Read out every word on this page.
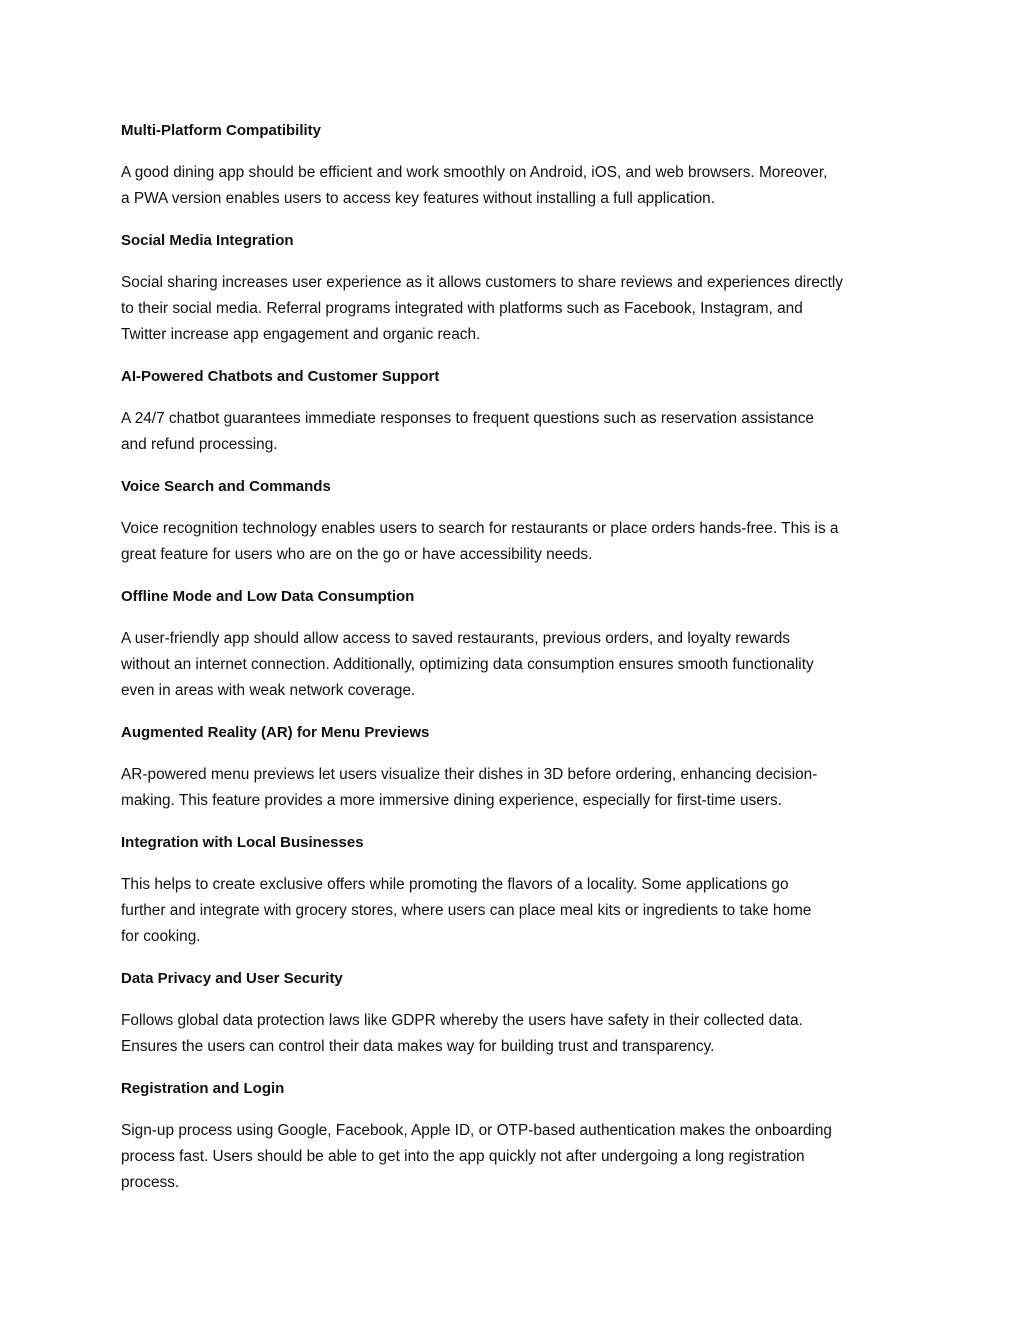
Multi-Platform Compatibility
A good dining app should be efficient and work smoothly on Android, iOS, and web browsers. Moreover,
a PWA version enables users to access key features without installing a full application.
Social Media Integration
Social sharing increases user experience as it allows customers to share reviews and experiences directly
to their social media. Referral programs integrated with platforms such as Facebook, Instagram, and
Twitter increase app engagement and organic reach.
AI-Powered Chatbots and Customer Support
A 24/7 chatbot guarantees immediate responses to frequent questions such as reservation assistance
and refund processing.
Voice Search and Commands
Voice recognition technology enables users to search for restaurants or place orders hands-free. This is a
great feature for users who are on the go or have accessibility needs.
Offline Mode and Low Data Consumption
A user-friendly app should allow access to saved restaurants, previous orders, and loyalty rewards
without an internet connection. Additionally, optimizing data consumption ensures smooth functionality
even in areas with weak network coverage.
Augmented Reality (AR) for Menu Previews
AR-powered menu previews let users visualize their dishes in 3D before ordering, enhancing decision-
making. This feature provides a more immersive dining experience, especially for first-time users.
Integration with Local Businesses
This helps to create exclusive offers while promoting the flavors of a locality. Some applications go
further and integrate with grocery stores, where users can place meal kits or ingredients to take home
for cooking.
Data Privacy and User Security
Follows global data protection laws like GDPR whereby the users have safety in their collected data.
Ensures the users can control their data makes way for building trust and transparency.
Registration and Login
Sign-up process using Google, Facebook, Apple ID, or OTP-based authentication makes the onboarding
process fast. Users should be able to get into the app quickly not after undergoing a long registration
process.
